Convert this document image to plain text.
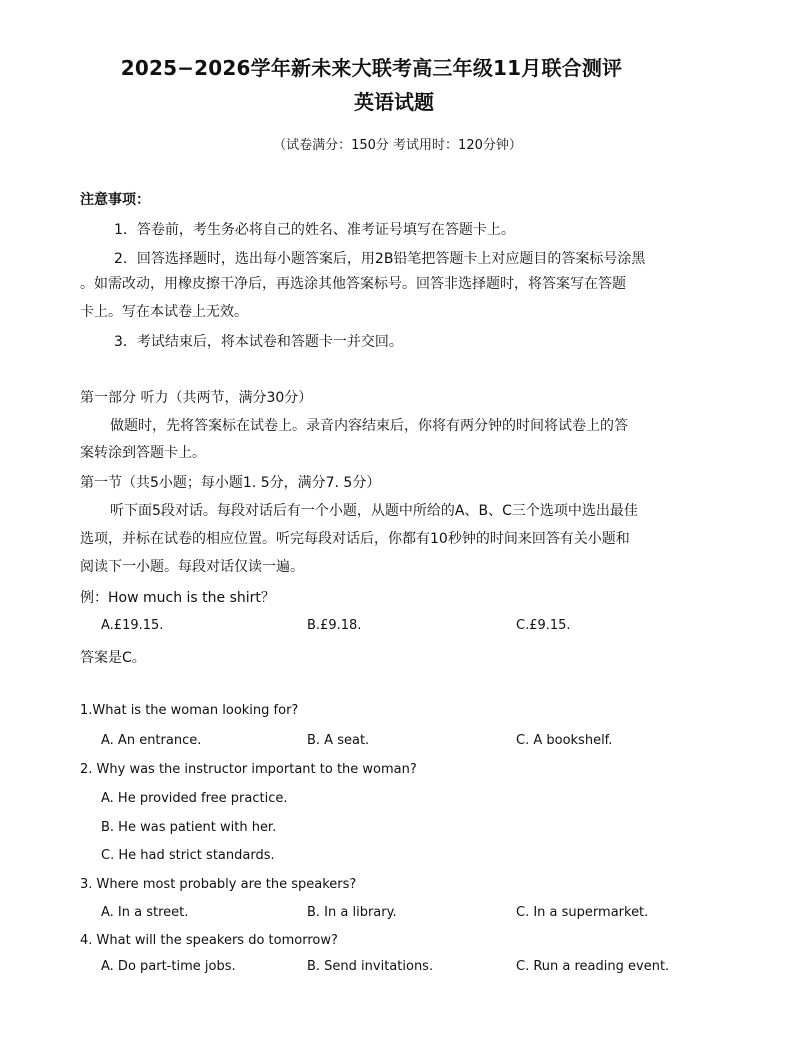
2025−2026学年新未来大联考高三年级11月联合测评
英语试题
（试卷满分：150分 考试用时：120分钟）
注意事项：
1．答卷前，考生务必将自己的姓名、准考证号填写在答题卡上。
2．回答选择题时，选出每小题答案后，用2B铅笔把答题卡上对应题目的答案标号涂黑
。如需改动，用橡皮擦干净后，再选涂其他答案标号。回答非选择题时，将答案写在答题
卡上。写在本试卷上无效。
3．考试结束后，将本试卷和答题卡一并交回。
第一部分 听力（共两节，满分30分）
做题时，先将答案标在试卷上。录音内容结束后，你将有两分钟的时间将试卷上的答
案转涂到答题卡上。
第一节（共5小题；每小题1. 5分，满分7. 5分）
听下面5段对话。每段对话后有一个小题，从题中所给的A、B、C三个选项中选出最佳
选项，并标在试卷的相应位置。听完每段对话后，你都有10秒钟的时间来回答有关小题和
阅读下一小题。每段对话仅读一遍。
例：How much is the shirt？
A.£19.15.	B.£9.18.	C.£9.15.
答案是C。
1.What is the woman looking for?
A. An entrance.	B. A seat.	C. A bookshelf.
2. Why was the instructor important to the woman?
A. He provided free practice.
B. He was patient with her.
C. He had strict standards.
3. Where most probably are the speakers?
A. In a street.	B. In a library.	C. In a supermarket.
4. What will the speakers do tomorrow?
A. Do part-time jobs.	B. Send invitations.	C. Run a reading event.
